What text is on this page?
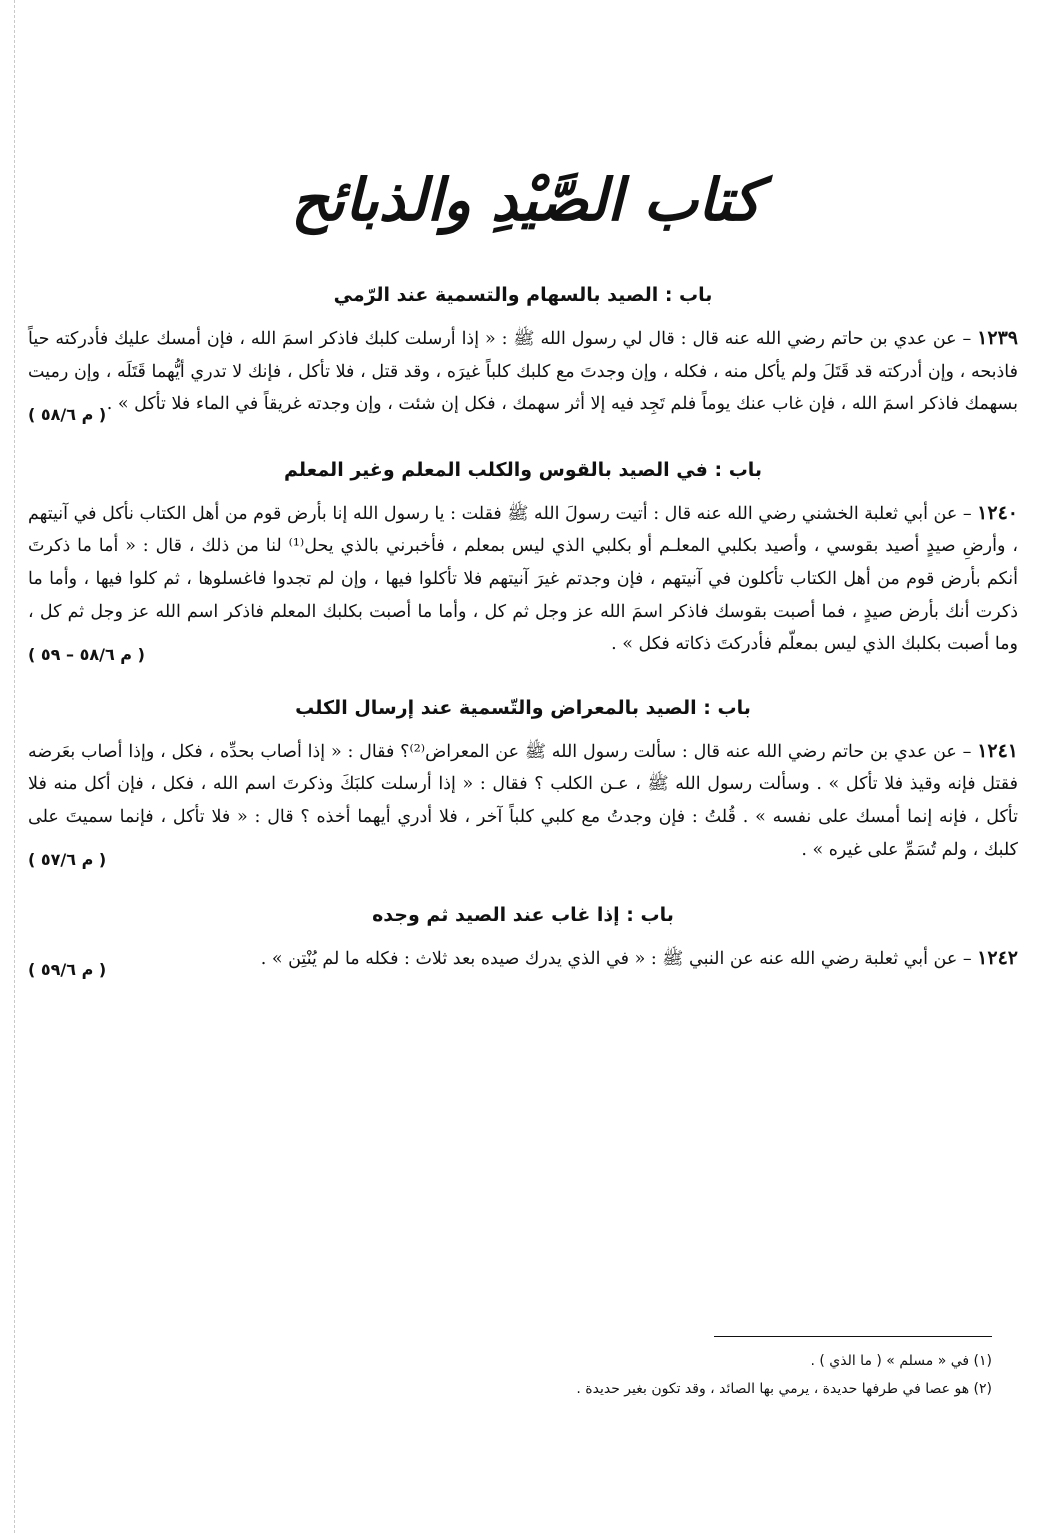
كتاب الصَّيْدِ والذبائح
باب : الصيد بالسهام والتسمية عند الرّمي
١٢٣٩ – عن عدي بن حاتم رضي الله عنه قال : قال لي رسول الله ﷺ : « إذا أرسلت كلبك فاذكر اسمَ الله ، فإن أمسك عليك فأدركته حياً فاذبحه ، وإن أدركته قد قَتَلَ ولم يأكل منه ، فكله ، وإن وجدتَ مع كلبك كلباً غيرَه ، وقد قتل ، فلا تأكل ، فإنك لا تدري أيُّهما قَتَلَه ، وإن رميت بسهمك فاذكر اسمَ الله ، فإن غاب عنك يوماً فلم تَجِد فيه إلا أثر سهمك ، فكل إن شئت ، وإن وجدته غريقاً في الماء فلا تأكل » .
( م ٥٨/٦ )
باب : في الصيد بالقوس والكلب المعلم وغير المعلم
١٢٤٠ – عن أبي ثعلبة الخشني رضي الله عنه قال : أتيت رسولَ الله ﷺ فقلت : يا رسول الله إنا بأرض قوم من أهل الكتاب نأكل في آنيتهم ، وأرضِ صيدٍ أصيد بقوسي ، وأصيد بكلبي المعلـم أو بكلبي الذي ليس بمعلم ، فأخبرني بالذي يحل⁽¹⁾ لنا من ذلك ، قال : « أما ما ذكرتَ أنكم بأرض قوم من أهل الكتاب تأكلون في آنيتهم ، فإن وجدتم غيرَ آنيتهم فلا تأكلوا فيها ، وإن لم تجدوا فاغسلوها ، ثم كلوا فيها ، وأما ما ذكرت أنك بأرض صيدٍ ، فما أصبت بقوسك فاذكر اسمَ الله عز وجل ثم كل ، وأما ما أصبت بكلبك المعلم فاذكر اسم الله عز وجل ثم كل ، وما أصبت بكلبك الذي ليس بمعلّم فأدركتَ ذكاته فكل » .
( م ٥٨/٦ – ٥٩ )
باب : الصيد بالمعراض والتّسمية عند إرسال الكلب
١٢٤١ – عن عدي بن حاتم رضي الله عنه قال : سألت رسول الله ﷺ عن المعراض⁽²⁾؟ فقال : « إذا أصاب بحدِّه ، فكل ، وإذا أصاب بعَرضه فقتل فإنه وقيذ فلا تأكل » . وسألت رسول الله ﷺ ، عـن الكلب ؟ فقال : « إذا أرسلت كلبَكَ وذكرتَ اسم الله ، فكل ، فإن أكل منه فلا تأكل ، فإنه إنما أمسك على نفسه » . قُلتُ : فإن وجدتُ مع كلبي كلباً آخر ، فلا أدري أيهما أخذه ؟ قال : « فلا تأكل ، فإنما سميتَ على كلبك ، ولم تُسَمِّ على غيره » .
( م ٥٧/٦ )
باب : إذا غاب عند الصيد ثم وجده
١٢٤٢ – عن أبي ثعلبة رضي الله عنه عن النبي ﷺ : « في الذي يدرك صيده بعد ثلاث : فكله ما لم يُنْتِن » .
( م ٥٩/٦ )

(١) في « مسلم » ( ما الذي ) .

(٢) هو عصا في طرفها حديدة ، يرمي بها الصائد ، وقد تكون بغير حديدة .
